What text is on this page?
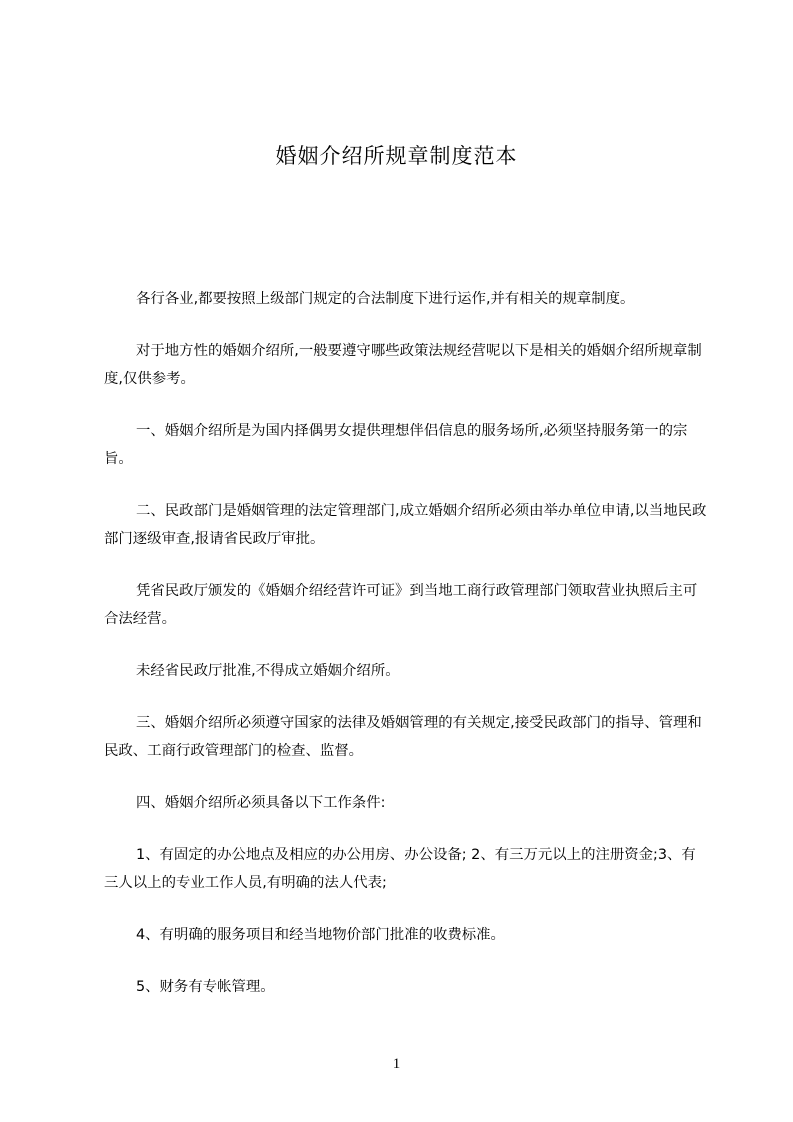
婚姻介绍所规章制度范本

各行各业,都要按照上级部门规定的合法制度下进行运作,并有相关的规章制度。

对于地方性的婚姻介绍所,一般要遵守哪些政策法规经营呢以下是相关的婚姻介绍所规章制度,仅供参考。

一、婚姻介绍所是为国内择偶男女提供理想伴侣信息的服务场所,必须坚持服务第一的宗旨。

二、民政部门是婚姻管理的法定管理部门,成立婚姻介绍所必须由举办单位申请,以当地民政部门逐级审查,报请省民政厅审批。

凭省民政厅颁发的《婚姻介绍经营许可证》到当地工商行政管理部门领取营业执照后主可合法经营。

未经省民政厅批准,不得成立婚姻介绍所。

三、婚姻介绍所必须遵守国家的法律及婚姻管理的有关规定,接受民政部门的指导、管理和民政、工商行政管理部门的检查、监督。

四、婚姻介绍所必须具备以下工作条件:

1、有固定的办公地点及相应的办公用房、办公设备; 2、有三万元以上的注册资金;3、有三人以上的专业工作人员,有明确的法人代表;

4、有明确的服务项目和经当地物价部门批准的收费标准。

5、财务有专帐管理。

1
